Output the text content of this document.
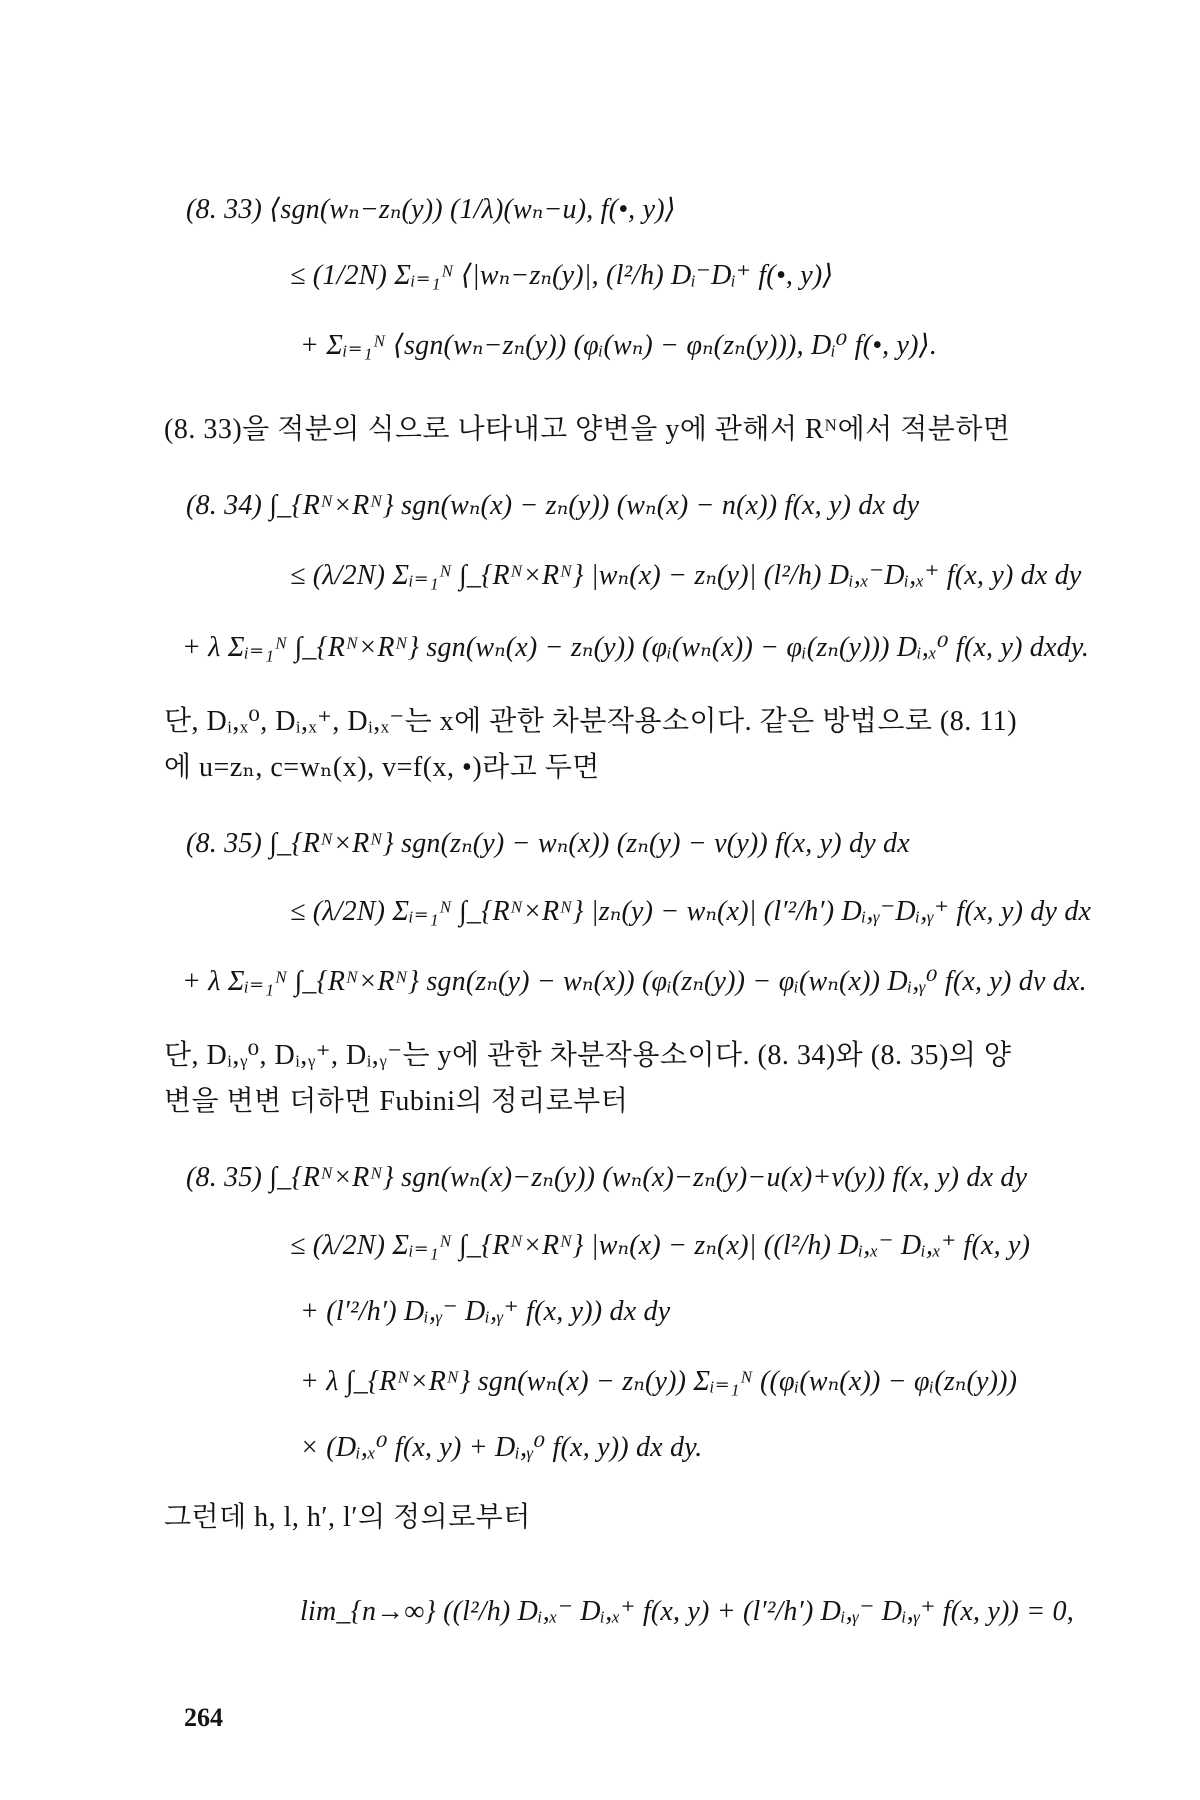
(8. 33) ⟨sgn(wₙ−zₙ(y)) (1/λ)(wₙ−u), f(•, y)⟩
≤ (1/2N) Σᵢ₌₁ᴺ ⟨|wₙ−zₙ(y)|, (l²/h) Dᵢ⁻Dᵢ⁺ f(•, y)⟩
+ Σᵢ₌₁ᴺ ⟨sgn(wₙ−zₙ(y)) (φᵢ(wₙ) − φₙ(zₙ(y))), Dᵢ⁰ f(•, y)⟩.
(8. 33)을 적분의 식으로 나타내고 양변을 y에 관해서 Rᴺ에서 적분하면
(8. 34) ∫_{Rᴺ×Rᴺ} sgn(wₙ(x) − zₙ(y)) (wₙ(x) − n(x)) f(x, y) dx dy
≤ (λ/2N) Σᵢ₌₁ᴺ ∫_{Rᴺ×Rᴺ} |wₙ(x) − zₙ(y)| (l²/h) Dᵢ,ₓ⁻Dᵢ,ₓ⁺ f(x, y) dx dy
+ λ Σᵢ₌₁ᴺ ∫_{Rᴺ×Rᴺ} sgn(wₙ(x) − zₙ(y)) (φᵢ(wₙ(x)) − φᵢ(zₙ(y))) Dᵢ,ₓ⁰ f(x, y) dxdy.
단, Dᵢ,ₓ⁰, Dᵢ,ₓ⁺, Dᵢ,ₓ⁻는 x에 관한 차분작용소이다. 같은 방법으로 (8. 11)
에 u=zₙ, c=wₙ(x), v=f(x, •)라고 두면
(8. 35) ∫_{Rᴺ×Rᴺ} sgn(zₙ(y) − wₙ(x)) (zₙ(y) − v(y)) f(x, y) dy dx
≤ (λ/2N) Σᵢ₌₁ᴺ ∫_{Rᴺ×Rᴺ} |zₙ(y) − wₙ(x)| (l′²/h′) Dᵢ,ᵧ⁻Dᵢ,ᵧ⁺ f(x, y) dy dx
+ λ Σᵢ₌₁ᴺ ∫_{Rᴺ×Rᴺ} sgn(zₙ(y) − wₙ(x)) (φᵢ(zₙ(y)) − φᵢ(wₙ(x)) Dᵢ,ᵧ⁰ f(x, y) dv dx.
단, Dᵢ,ᵧ⁰, Dᵢ,ᵧ⁺, Dᵢ,ᵧ⁻는 y에 관한 차분작용소이다. (8. 34)와 (8. 35)의 양
변을 변변 더하면 Fubini의 정리로부터
(8. 35) ∫_{Rᴺ×Rᴺ} sgn(wₙ(x)−zₙ(y)) (wₙ(x)−zₙ(y)−u(x)+v(y)) f(x, y) dx dy
≤ (λ/2N) Σᵢ₌₁ᴺ ∫_{Rᴺ×Rᴺ} |wₙ(x) − zₙ(x)| ((l²/h) Dᵢ,ₓ⁻ Dᵢ,ₓ⁺ f(x, y)
+ (l′²/h′) Dᵢ,ᵧ⁻ Dᵢ,ᵧ⁺ f(x, y)) dx dy
+ λ ∫_{Rᴺ×Rᴺ} sgn(wₙ(x) − zₙ(y)) Σᵢ₌₁ᴺ ((φᵢ(wₙ(x)) − φᵢ(zₙ(y)))
× (Dᵢ,ₓ⁰ f(x, y) + Dᵢ,ᵧ⁰ f(x, y)) dx dy.
그런데 h, l, h′, l′의 정의로부터
lim_{n→∞} ((l²/h) Dᵢ,ₓ⁻ Dᵢ,ₓ⁺ f(x, y) + (l′²/h′) Dᵢ,ᵧ⁻ Dᵢ,ᵧ⁺ f(x, y)) = 0,
264
